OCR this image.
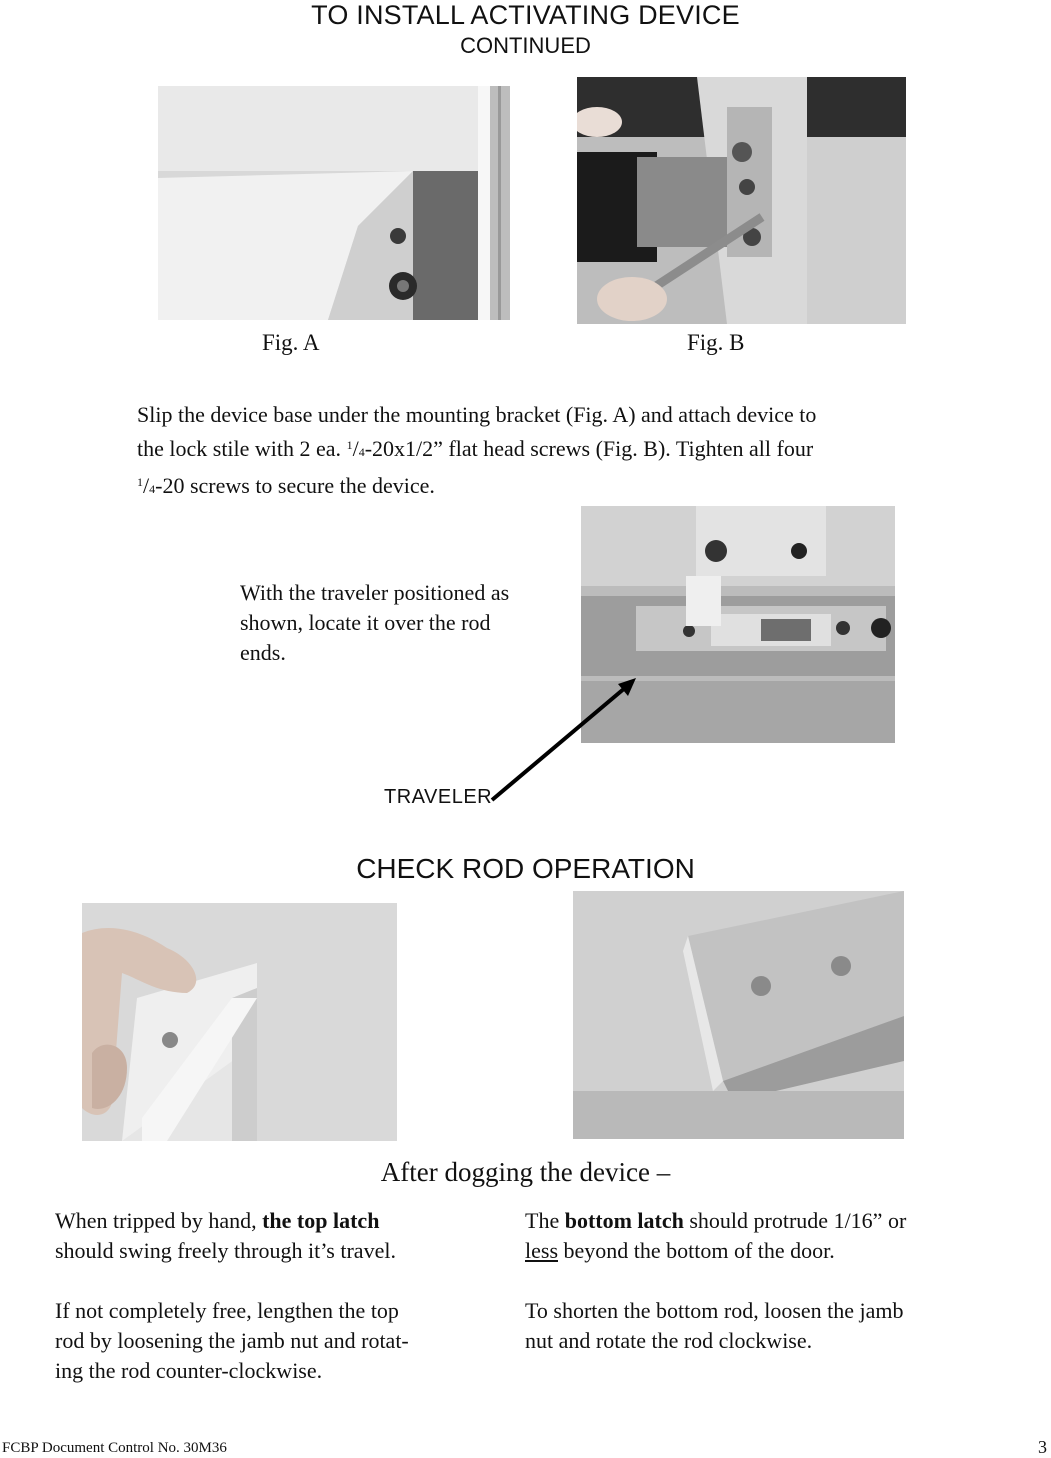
TO INSTALL ACTIVATING DEVICE
CONTINUED
Fig. A	Fig. B
Slip the device base under the mounting bracket (Fig. A) and attach device to
the lock stile with 2 ea. $^1$/4-20x1/2” flat head screws (Fig. B). Tighten all four
$^1$/4-20 screws to secure the device.
With the traveler positioned as
shown, locate it over the rod
ends.
TRAVELER
CHECK ROD OPERATION
After dogging the device –
When tripped by hand, the top latch
should swing freely through it’s travel.
If not completely free, lengthen the top
rod by loosening the jamb nut and rotat-
ing the rod counter-clockwise.
The bottom latch should protrude 1/16” or
less beyond the bottom of the door.
To shorten the bottom rod, loosen the jamb
nut and rotate the rod clockwise.
FCBP Document Control No. 30M36	3
